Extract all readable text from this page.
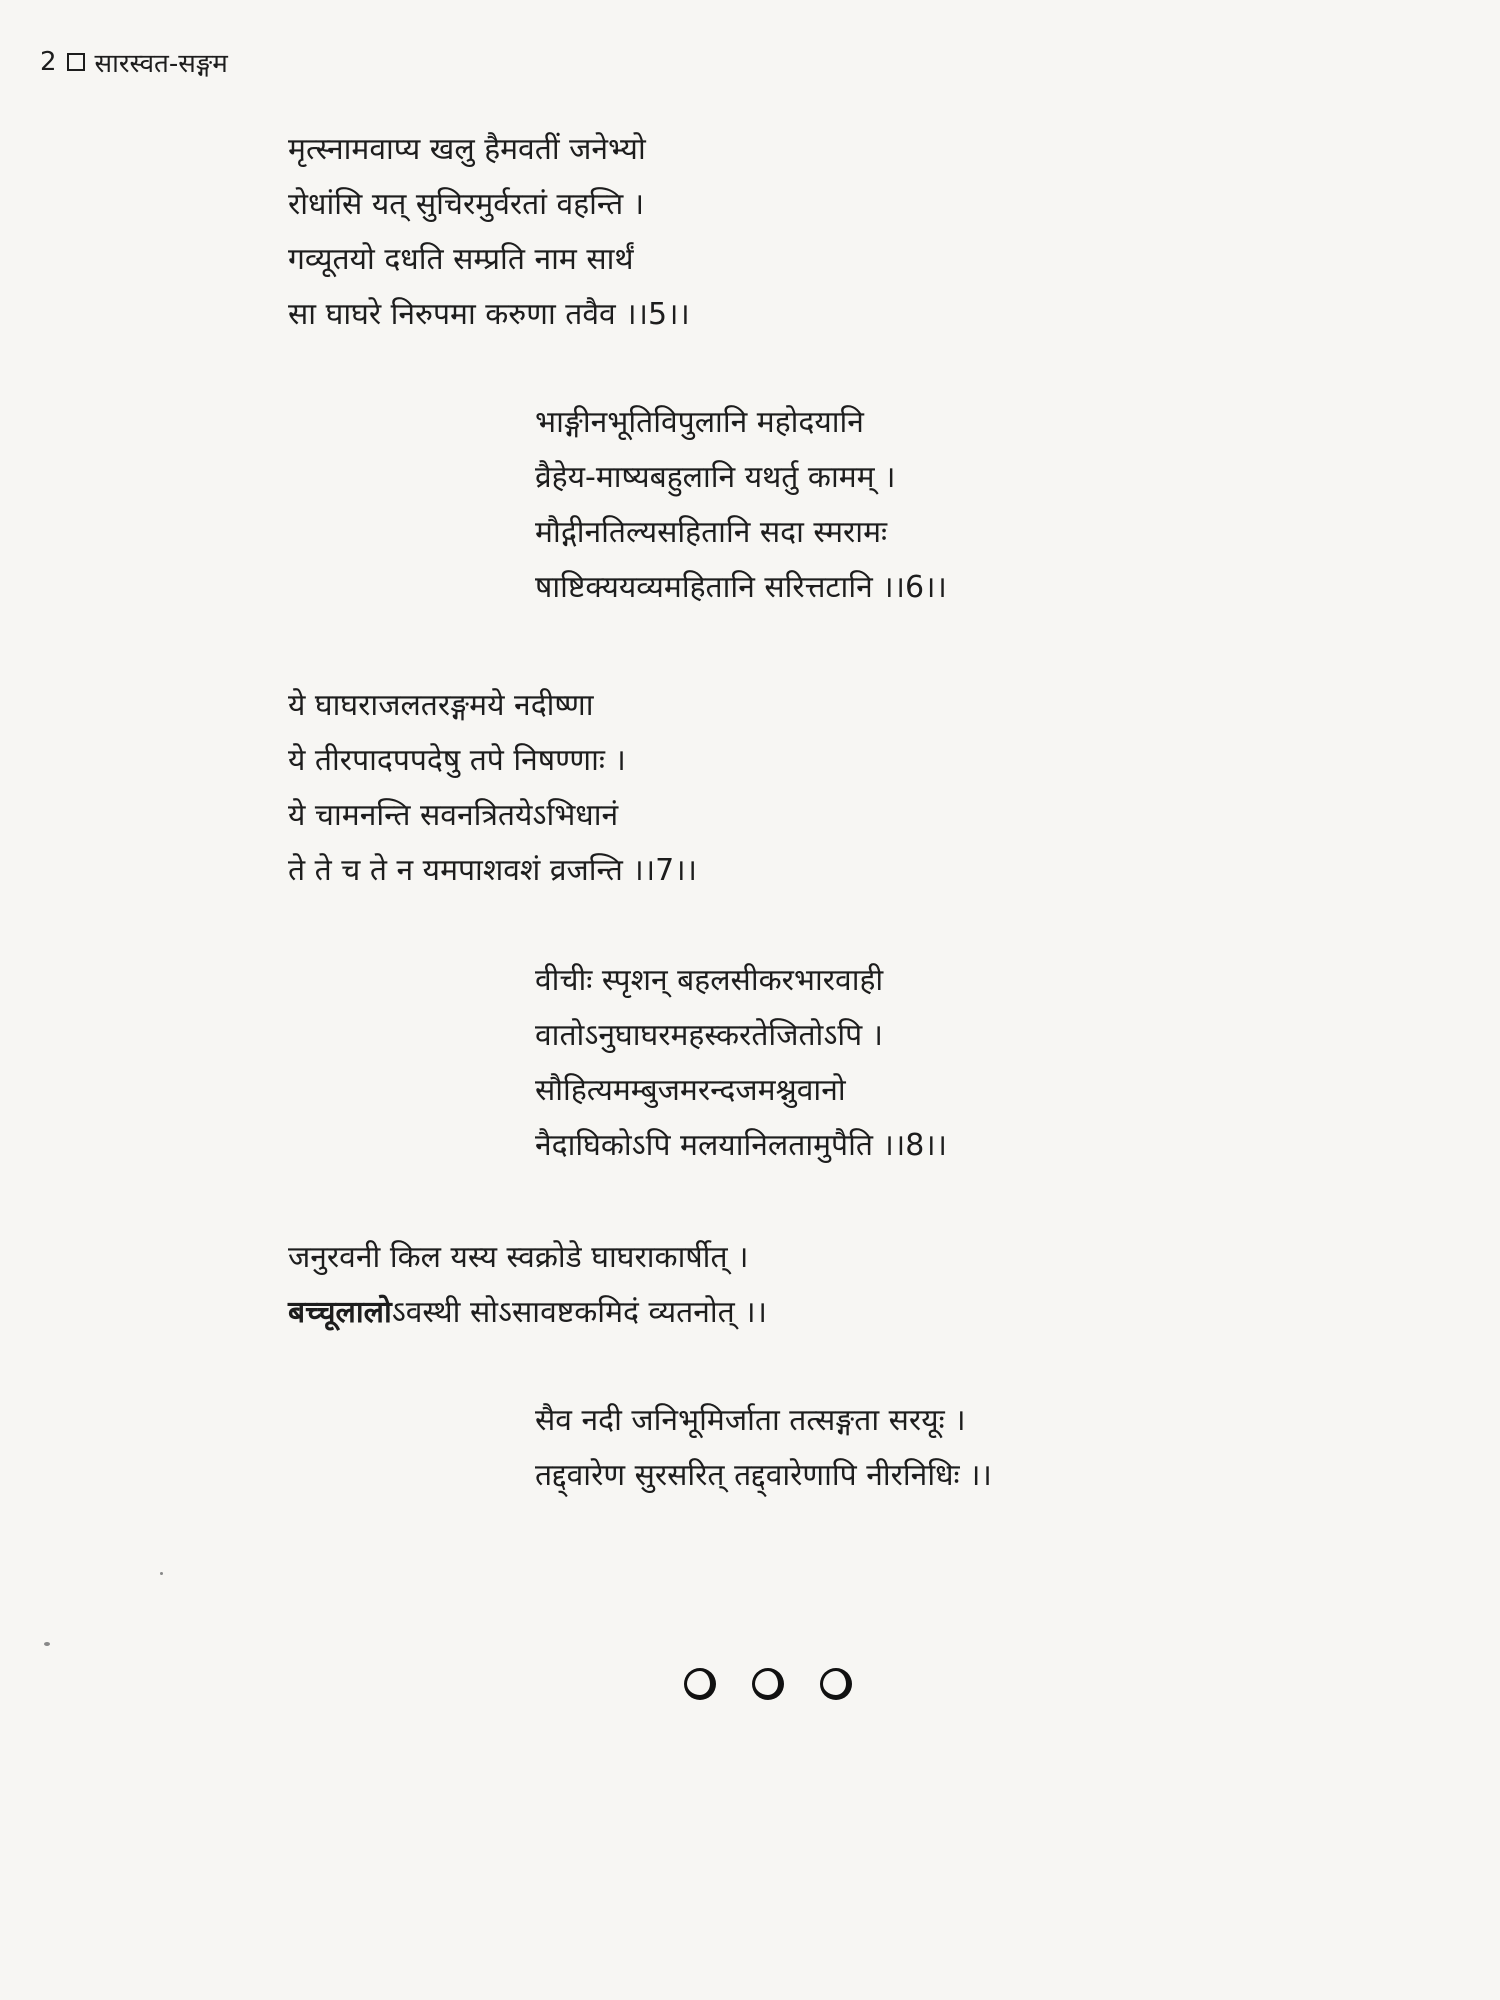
2 सारस्वत-सङ्गम
मृत्स्नामवाप्य खलु हैमवतीं जनेभ्यो
रोधांसि यत् सुचिरमुर्वरतां वहन्ति ।
गव्यूतयो दधति सम्प्रति नाम सार्थं
सा घाघरे निरुपमा करुणा तवैव ।।5।।
भाङ्गीनभूतिविपुलानि महोदयानि
व्रैहेय-माष्यबहुलानि यथर्तु कामम् ।
मौद्गीनतिल्यसहितानि सदा स्मरामः
षाष्टिक्ययव्यमहितानि सरित्तटानि ।।6।।
ये घाघराजलतरङ्गमये नदीष्णा
ये तीरपादपपदेषु तपे निषण्णाः ।
ये चामनन्ति सवनत्रितयेऽभिधानं
ते ते च ते न यमपाशवशं व्रजन्ति ।।7।।
वीचीः स्पृशन् बहलसीकरभारवाही
वातोऽनुघाघरमहस्करतेजितोऽपि ।
सौहित्यमम्बुजमरन्दजमश्नुवानो
नैदाघिकोऽपि मलयानिलतामुपैति ।।8।।
जनुरवनी किल यस्य स्वक्रोडे घाघराकार्षीत् ।
बच्चूलालोऽवस्थी सोऽसावष्टकमिदं व्यतनोत् ।।
सैव नदी जनिभूमिर्जाता तत्सङ्गता सरयूः ।
तद्द्वारेण सुरसरित् तद्द्वारेणापि नीरनिधिः ।।
